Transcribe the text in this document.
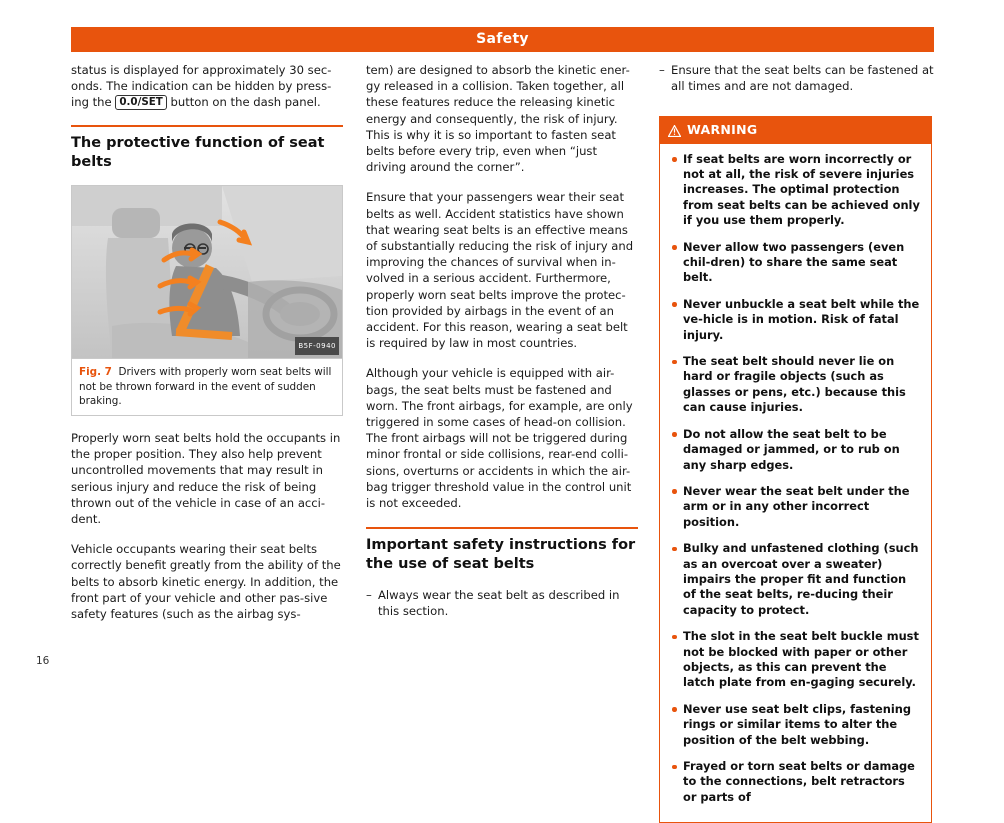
Safety

status is displayed for approximately 30 sec-onds. The indication can be hidden by press-ing the 0.0/SET button on the dash panel.

The protective function of seat belts
B5F-0940
Fig. 7 Drivers with properly worn seat belts will not be thrown forward in the event of sudden braking.

Properly worn seat belts hold the occupants in the proper position. They also help prevent uncontrolled movements that may result in serious injury and reduce the risk of being thrown out of the vehicle in case of an acci-dent.

Vehicle occupants wearing their seat belts correctly benefit greatly from the ability of the belts to absorb kinetic energy. In addition, the front part of your vehicle and other pas-sive safety features (such as the airbag sys-

tem) are designed to absorb the kinetic ener-gy released in a collision. Taken together, all these features reduce the releasing kinetic energy and consequently, the risk of injury. This is why it is so important to fasten seat belts before every trip, even when “just driving around the corner”.

Ensure that your passengers wear their seat belts as well. Accident statistics have shown that wearing seat belts is an effective means of substantially reducing the risk of injury and improving the chances of survival when in-volved in a serious accident. Furthermore, properly worn seat belts improve the protec-tion provided by airbags in the event of an accident. For this reason, wearing a seat belt is required by law in most countries.

Although your vehicle is equipped with air-bags, the seat belts must be fastened and worn. The front airbags, for example, are only triggered in some cases of head-on collision. The front airbags will not be triggered during minor frontal or side collisions, rear-end colli-sions, overturns or accidents in which the air-bag trigger threshold value in the control unit is not exceeded.

Important safety instructions for the use of seat belts
– Always wear the seat belt as described in this section.
– Ensure that the seat belts can be fastened at all times and are not damaged.
WARNING
If seat belts are worn incorrectly or not at all, the risk of severe injuries increases. The optimal protection from seat belts can be achieved only if you use them properly.
Never allow two passengers (even chil-dren) to share the same seat belt.
Never unbuckle a seat belt while the ve-hicle is in motion. Risk of fatal injury.
The seat belt should never lie on hard or fragile objects (such as glasses or pens, etc.) because this can cause injuries.
Do not allow the seat belt to be damaged or jammed, or to rub on any sharp edges.
Never wear the seat belt under the arm or in any other incorrect position.
Bulky and unfastened clothing (such as an overcoat over a sweater) impairs the proper fit and function of the seat belts, re-ducing their capacity to protect.
The slot in the seat belt buckle must not be blocked with paper or other objects, as this can prevent the latch plate from en-gaging securely.
Never use seat belt clips, fastening rings or similar items to alter the position of the belt webbing.
Frayed or torn seat belts or damage to the connections, belt retractors or parts of
16
